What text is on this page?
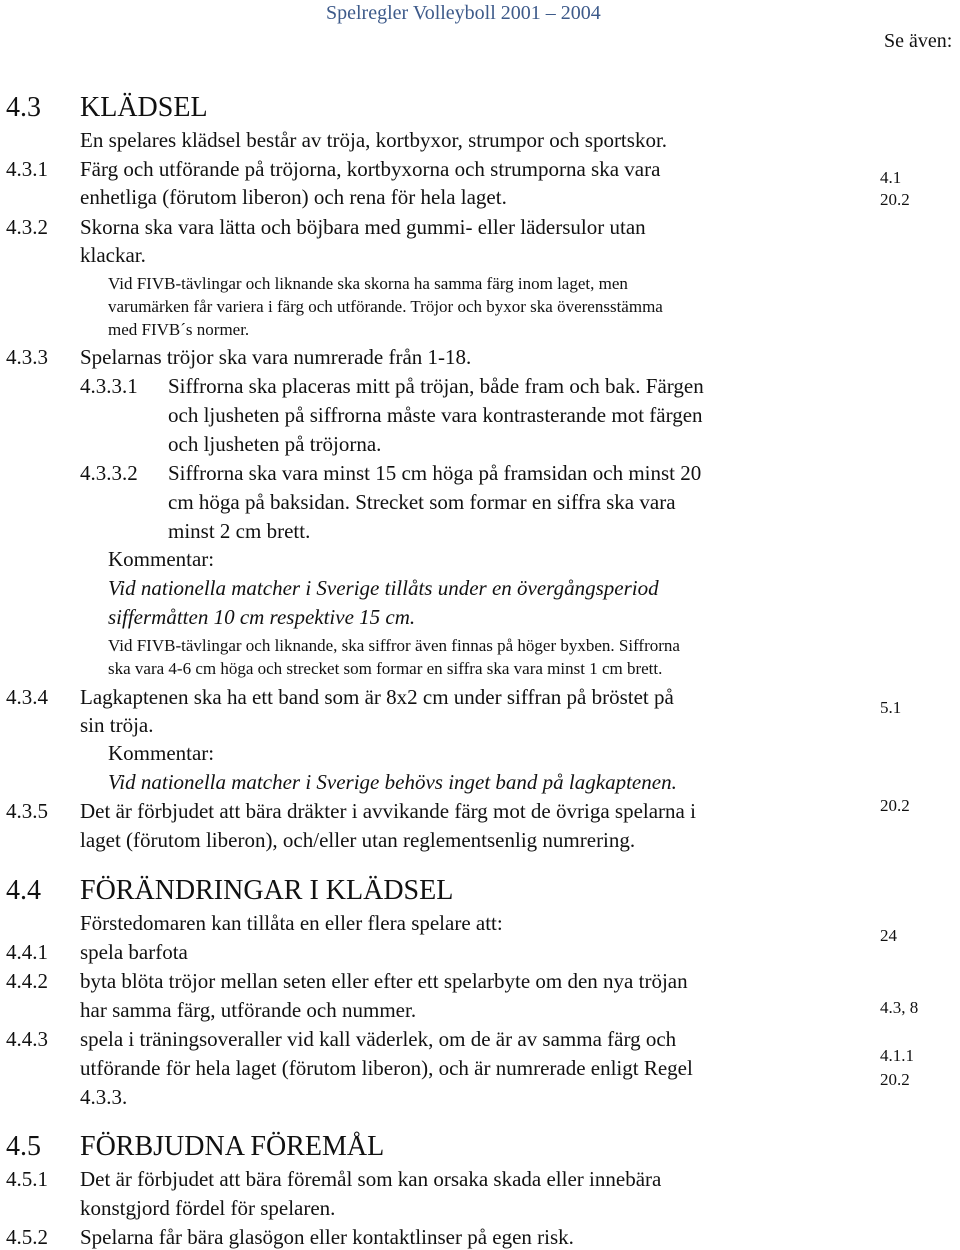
Spelregler Volleyboll 2001 – 2004
Se även:
4.3 KLÄDSEL
En spelares klädsel består av tröja, kortbyxor, strumpor och sportskor.
4.3.1 Färg och utförande på tröjorna, kortbyxorna och strumporna ska vara
enhetliga (förutom liberon) och rena för hela laget.
4.3.2 Skorna ska vara lätta och böjbara med gummi- eller lädersulor utan
klackar.
Vid FIVB-tävlingar och liknande ska skorna ha samma färg inom laget, men
varumärken får variera i färg och utförande. Tröjor och byxor ska överensstämma
med FIVB´s normer.
4.3.3 Spelarnas tröjor ska vara numrerade från 1-18.
4.3.3.1 Siffrorna ska placeras mitt på tröjan, både fram och bak. Färgen
och ljusheten på siffrorna måste vara kontrasterande mot färgen
och ljusheten på tröjorna.
4.3.3.2 Siffrorna ska vara minst 15 cm höga på framsidan och minst 20
cm höga på baksidan. Strecket som formar en siffra ska vara
minst 2 cm brett.
Kommentar:
Vid nationella matcher i Sverige tillåts under en övergångsperiod
siffermåtten 10 cm respektive 15 cm.
Vid FIVB-tävlingar och liknande, ska siffror även finnas på höger byxben. Siffrorna
ska vara 4-6 cm höga och strecket som formar en siffra ska vara minst 1 cm brett.
4.3.4 Lagkaptenen ska ha ett band som är 8x2 cm under siffran på bröstet på
sin tröja.
Kommentar:
Vid nationella matcher i Sverige behövs inget band på lagkaptenen.
4.3.5 Det är förbjudet att bära dräkter i avvikande färg mot de övriga spelarna i
laget (förutom liberon), och/eller utan reglementsenlig numrering.
4.4 FÖRÄNDRINGAR I KLÄDSEL
Förstedomaren kan tillåta en eller flera spelare att:
4.4.1 spela barfota
4.4.2 byta blöta tröjor mellan seten eller efter ett spelarbyte om den nya tröjan
har samma färg, utförande och nummer.
4.4.3 spela i träningsoveraller vid kall väderlek, om de är av samma färg och
utförande för hela laget (förutom liberon), och är numrerade enligt Regel
4.3.3.
4.5 FÖRBJUDNA FÖREMÅL
4.5.1 Det är förbjudet att bära föremål som kan orsaka skada eller innebära
konstgjord fördel för spelaren.
4.5.2 Spelarna får bära glasögon eller kontaktlinser på egen risk.
4.1
20.2
5.1
20.2
24
4.3, 8
4.1.1
20.2
